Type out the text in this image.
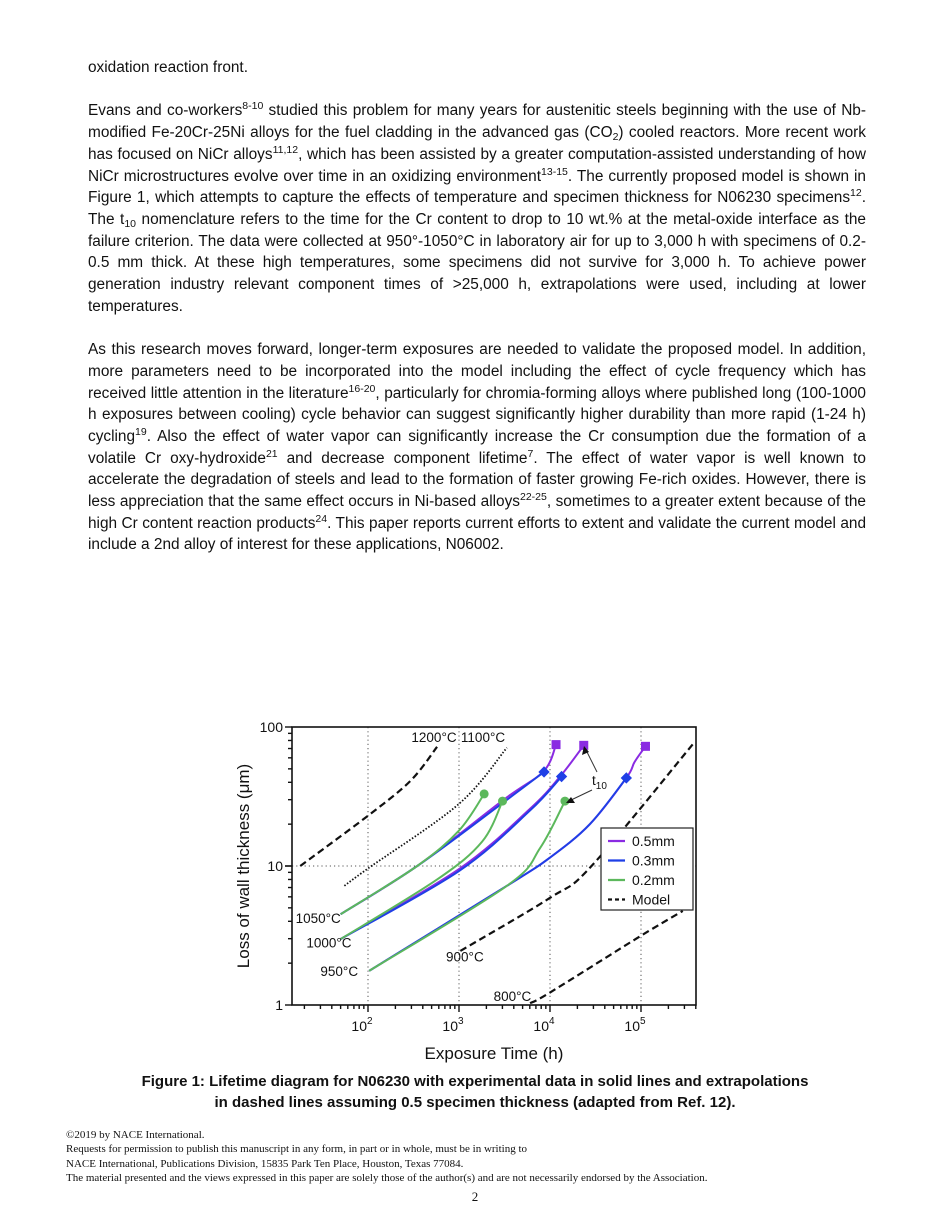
oxidation reaction front.

Evans and co-workers$^{8-10}$ studied this problem for many years for austenitic steels beginning with the use of Nb-modified Fe-20Cr-25Ni alloys for the fuel cladding in the advanced gas $(CO_2)$ cooled reactors. More recent work has focused on NiCr alloys$^{11,12}$, which has been assisted by a greater computation-assisted understanding of how NiCr microstructures evolve over time in an oxidizing environment$^{13-15}$. The currently proposed model is shown in Figure 1, which attempts to capture the effects of temperature and specimen thickness for N06230 specimens$^{12}$. The $t_{10}$ nomenclature refers to the time for the Cr content to drop to 10 wt.% at the metal-oxide interface as the failure criterion. The data were collected at 950°-1050°C in laboratory air for up to 3,000 h with specimens of 0.2-0.5 mm thick. At these high temperatures, some specimens did not survive for 3,000 h. To achieve power generation industry relevant component times of >25,000 h, extrapolations were used, including at lower temperatures.

As this research moves forward, longer-term exposures are needed to validate the proposed model. In addition, more parameters need to be incorporated into the model including the effect of cycle frequency which has received little attention in the literature$^{16-20}$, particularly for chromia-forming alloys where published long (100-1000 h exposures between cooling) cycle behavior can suggest significantly higher durability than more rapid (1-24 h) cycling$^{19}$. Also the effect of water vapor can significantly increase the Cr consumption due the formation of a volatile Cr oxy-hydroxide$^{21}$ and decrease component lifetime$^7$. The effect of water vapor is well known to accelerate the degradation of steels and lead to the formation of faster growing Fe-rich oxides. However, there is less appreciation that the same effect occurs in Ni-based alloys$^{22-25}$, sometimes to a greater extent because of the high Cr content reaction products$^{24}$. This paper reports current efforts to extent and validate the current model and include a 2nd alloy of interest for these applications, N06002.

$10^2$	$10^3$	$10^4$	$10^5$
1
10
100
Exposure Time (h)
Loss of wall thickness (μm)
1200°C 1100°C
1050°C
1000°C
950°C
900°C
800°C
$t_{10}$
0.5mm
0.3mm
0.2mm
Model
Figure 1: Lifetime diagram for N06230 with experimental data in solid lines and extrapolations
in dashed lines assuming 0.5 specimen thickness (adapted from Ref. 12).
©2019 by NACE International.
Requests for permission to publish this manuscript in any form, in part or in whole, must be in writing to
NACE International, Publications Division, 15835 Park Ten Place, Houston, Texas 77084.
The material presented and the views expressed in this paper are solely those of the author(s) and are not necessarily endorsed by the Association.
2
